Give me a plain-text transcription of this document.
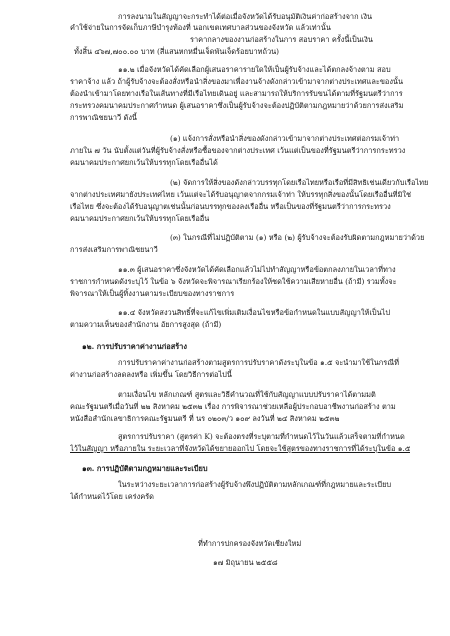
การลงนามในสัญญาจะกระทำได้ต่อเมื่อจังหวัดได้รับอนุมัติเงินค่าก่อสร้างจาก เงิน

คำใช้จ่ายในการจัดเก็บภาษีบำรุงท้องที่ นอกเขตเทศบาลส่วนของจังหวัด แล้วเท่านั้น

ราคากลางของงานก่อสร้างในการ สอบราคา ครั้งนี้เป็นเงิน

ทั้งสิ้น ๔๖๗,๗๐๐.๐๐ บาท (สี่แสนหกหมื่นเจ็ดพันเจ็ดร้อยบาทถ้วน)

๑๑.๒ เมื่อจังหวัดได้คัดเลือกผู้เสนอราคารายใดให้เป็นผู้รับจ้างและได้ตกลงจ้างตาม สอบ

ราคาจ้าง แล้ว ถ้าผู้รับจ้างจะต้องสั่งหรือนำสิ่งของมาเพื่องานจ้างดังกล่าวเข้ามาจากต่างประเทศและของนั้น

ต้องนำเข้ามาโดยทางเรือในเส้นทางที่มีเรือไทยเดินอยู่ และสามารถให้บริการรับขนได้ตามที่รัฐมนตรีว่าการ

กระทรวงคมนาคมประกาศกำหนด ผู้เสนอราคาซึ่งเป็นผู้รับจ้างจะต้องปฏิบัติตามกฎหมายว่าด้วยการส่งเสริม

การพาณิชยนาวี ดังนี้

(๑) แจ้งการสั่งหรือนำสิ่งของดังกล่าวเข้ามาจากต่างประเทศต่อกรมเจ้าท่า

ภายใน ๗ วัน นับตั้งแต่วันที่ผู้รับจ้างสั่งหรือซื้อของจากต่างประเทศ เว้นแต่เป็นของที่รัฐมนตรีว่าการกระทรวง

คมนาคมประกาศยกเว้นให้บรรทุกโดยเรืออื่นได้

(๒) จัดการให้สิ่งของดังกล่าวบรรทุกโดยเรือไทยหรือเรือที่มีสิทธิเช่นเดียวกับเรือไทย

จากต่างประเทศมายังประเทศไทย เว้นแต่จะได้รับอนุญาตจากกรมเจ้าท่า ให้บรรทุกสิ่งของนั้นโดยเรืออื่นที่มิใช่

เรือไทย ซึ่งจะต้องได้รับอนุญาตเช่นนั้นก่อนบรรทุกของลงเรืออื่น หรือเป็นของที่รัฐมนตรีว่าการกระทรวง

คมนาคมประกาศยกเว้นให้บรรทุกโดยเรืออื่น

(๓) ในกรณีที่ไม่ปฏิบัติตาม (๑) หรือ (๒) ผู้รับจ้างจะต้องรับผิดตามกฎหมายว่าด้วย

การส่งเสริมการพาณิชยนาวี

๑๑.๓ ผู้เสนอราคาซึ่งจังหวัดได้คัดเลือกแล้วไม่ไปทำสัญญาหรือข้อตกลงภายในเวลาที่ทาง

ราชการกำหนดดังระบุไว้ ในข้อ ๖ จังหวัดจะพิจารณาเรียกร้องให้ชดใช้ความเสียหายอื่น (ถ้ามี) รวมทั้งจะ

พิจารณาให้เป็นผู้ทิ้งงานตามระเบียบของทางราชการ

๑๑.๔ จังหวัดสงวนสิทธิ์ที่จะแก้ไขเพิ่มเติมเงื่อนไขหรือข้อกำหนดในแบบสัญญาให้เป็นไป

ตามความเห็นของสำนักงาน อัยการสูงสุด (ถ้ามี)

๑๒. การปรับราคาค่างานก่อสร้าง

การปรับราคาค่างานก่อสร้างตามสูตรการปรับราคาดังระบุในข้อ ๑.๕ จะนำมาใช้ในกรณีที่

ค่างานก่อสร้างลดลงหรือ เพิ่มขึ้น โดยวิธีการต่อไปนี้

ตามเงื่อนไข หลักเกณฑ์ สูตรและวิธีคำนวณที่ใช้กับสัญญาแบบปรับราคาได้ตามมติ

คณะรัฐมนตรีเมื่อวันที่ ๒๒ สิงหาคม ๒๕๓๒ เรื่อง การพิจารณาช่วยเหลือผู้ประกอบอาชีพงานก่อสร้าง ตาม

หนังสือสำนักเลขาธิการคณะรัฐมนตรี ที่ นร ๐๒๐๓/ว ๑๐๙ ลงวันที่ ๒๔ สิงหาคม ๒๕๓๒

สูตรการปรับราคา (สูตรค่า K) จะต้องตรงที่ระบุตามที่กำหนดไว้ในวันแล้วเสร็จตามที่กำหนด

ไว้ในสัญญา หรือภายใน ระยะเวลาที่จังหวัดได้ขยายออกไป โดยจะใช้สูตรของทางราชการที่ได้ระบุในข้อ ๑.๕

๑๓. การปฏิบัติตามกฎหมายและระเบียบ

ในระหว่างระยะเวลาการก่อสร้างผู้รับจ้างพึงปฏิบัติตามหลักเกณฑ์ที่กฎหมายและระเบียบ

ได้กำหนดไว้โดย เคร่งครัด

ที่ทำการปกครองจังหวัดเชียงใหม่

๑๗ มิถุนายน ๒๕๕๘
